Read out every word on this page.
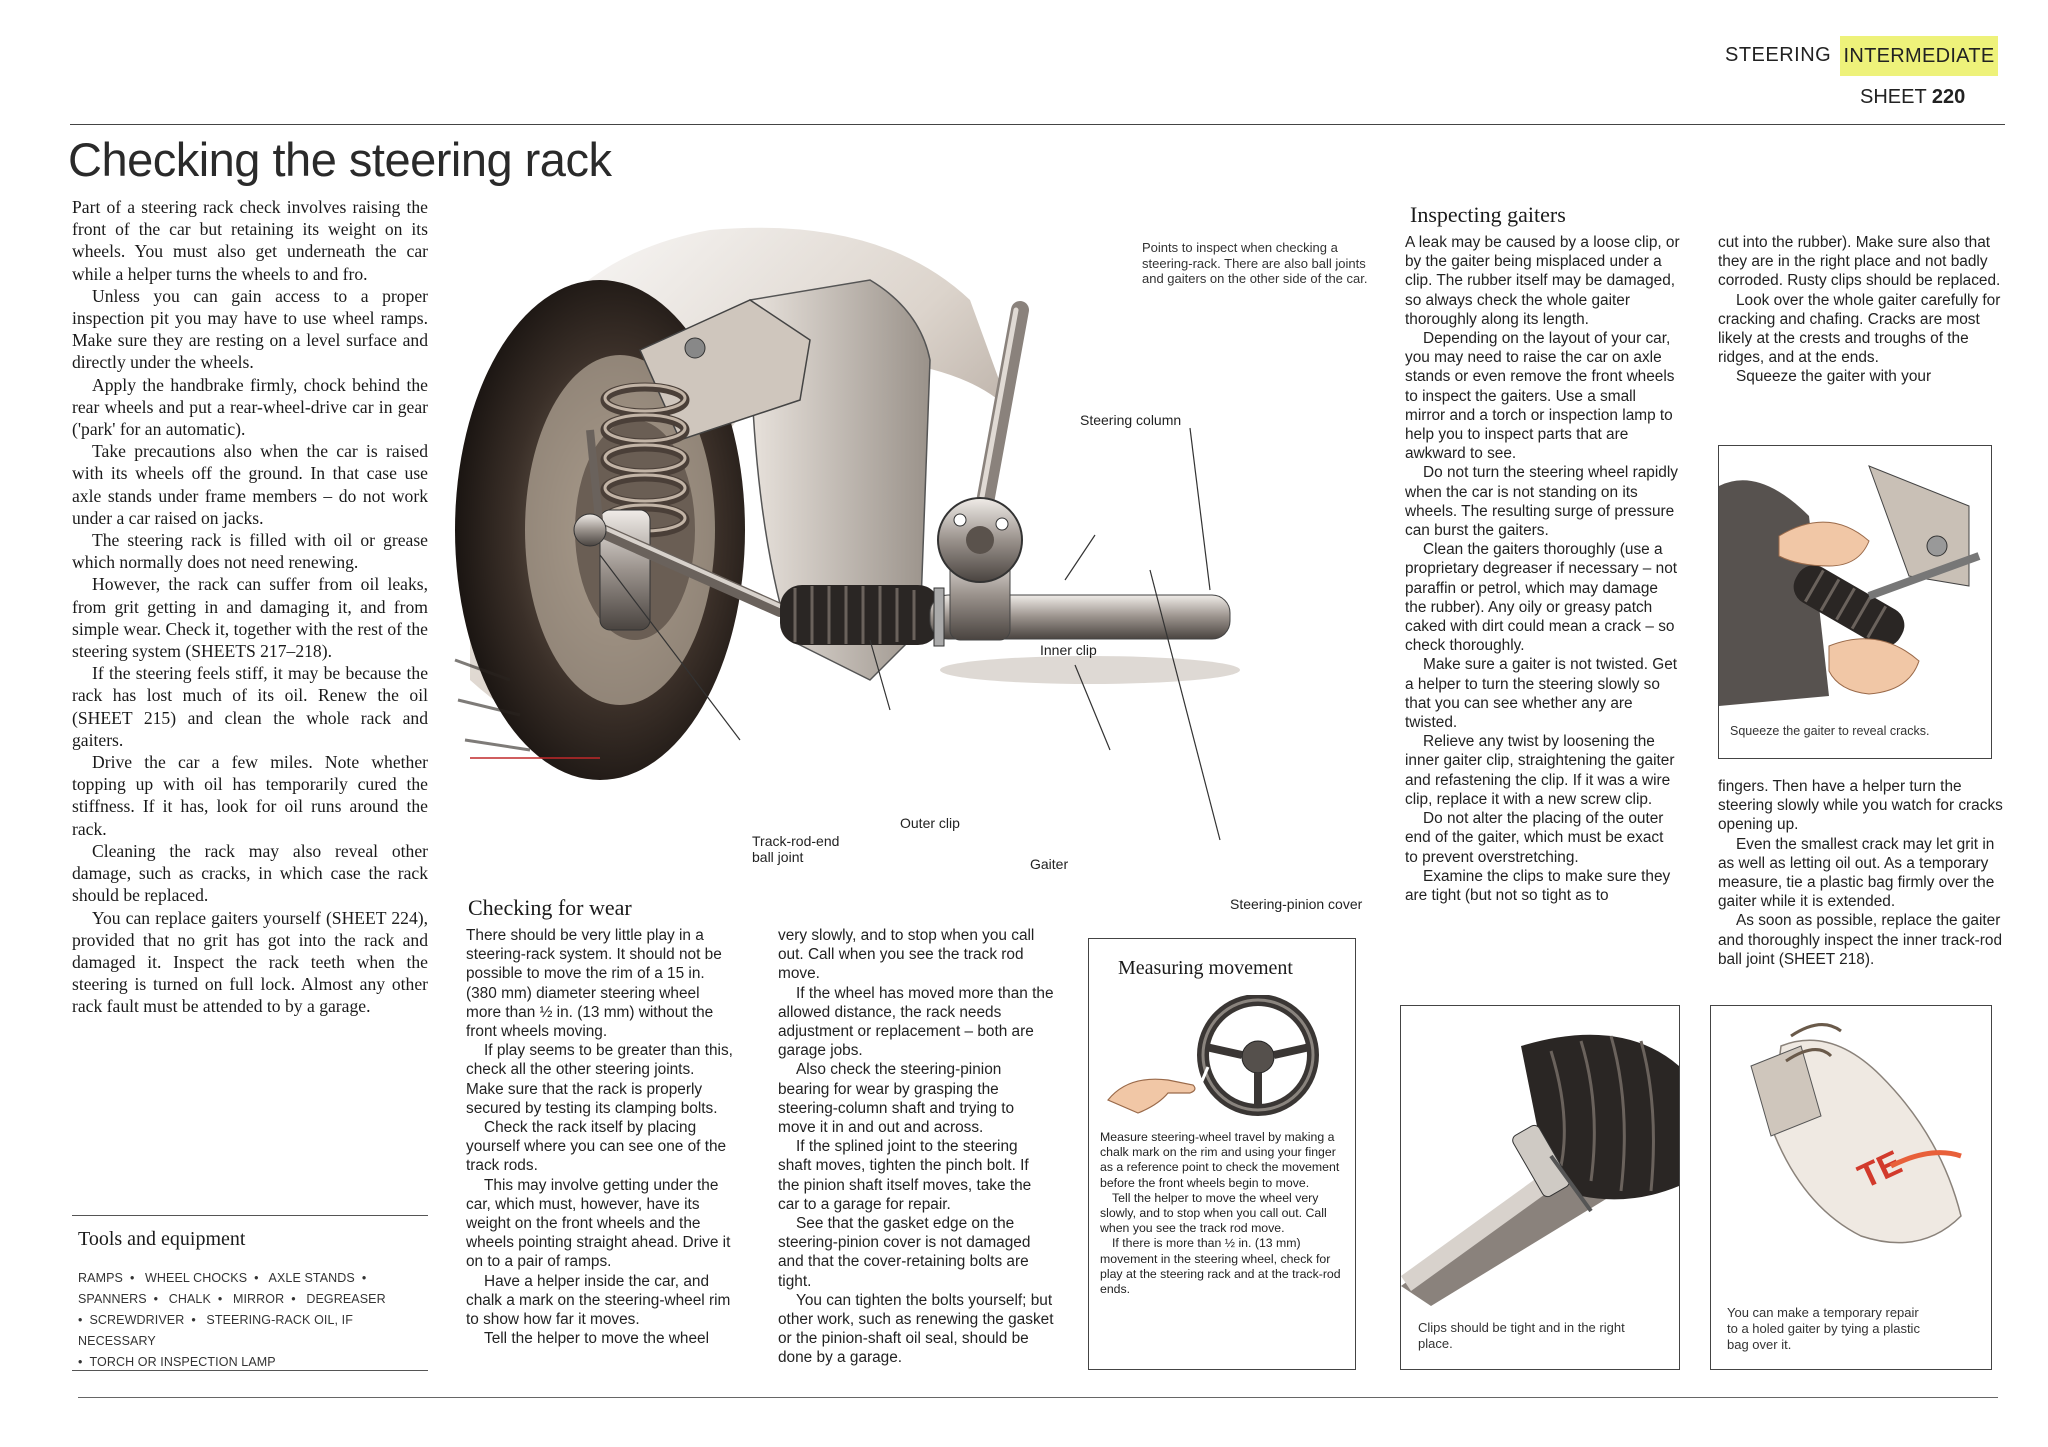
STEERING INTERMEDIATE
SHEET 220
Checking the steering rack

Part of a steering rack check involves raising the front of the car but retaining its weight on its wheels. You must also get underneath the car while a helper turns the wheels to and fro.

Unless you can gain access to a proper inspection pit you may have to use wheel ramps. Make sure they are resting on a level surface and directly under the wheels.

Apply the handbrake firmly, chock behind the rear wheels and put a rear-wheel-drive car in gear ('park' for an automatic).

Take precautions also when the car is raised with its wheels off the ground. In that case use axle stands under frame members – do not work under a car raised on jacks.

The steering rack is filled with oil or grease which normally does not need renewing.

However, the rack can suffer from oil leaks, from grit getting in and damaging it, and from simple wear. Check it, together with the rest of the steering system (SHEETS 217–218).

If the steering feels stiff, it may be because the rack has lost much of its oil. Renew the oil (SHEET 215) and clean the whole rack and gaiters.

Drive the car a few miles. Note whether topping up with oil has temporarily cured the stiffness. If it has, look for oil runs around the rack.

Cleaning the rack may also reveal other damage, such as cracks, in which case the rack should be replaced.

You can replace gaiters yourself (SHEET 224), provided that no grit has got into the rack and damaged it. Inspect the rack teeth when the steering is turned on full lock. Almost any other rack fault must be attended to by a garage.

Tools and equipment
RAMPS • WHEEL CHOCKS • AXLE STANDS •
SPANNERS • CHALK • MIRROR • DEGREASER
• SCREWDRIVER • STEERING-RACK OIL, IF NECESSARY
• TORCH OR INSPECTION LAMP
Points to inspect when checking a steering-rack. There are also ball joints and gaiters on the other side of the car.
Steering column
Inner clip
Outer clip
Track-rod-end ball joint	Gaiter
Steering-pinion cover
Checking for wear

There should be very little play in a steering-rack system. It should not be possible to move the rim of a 15 in. (380 mm) diameter steering wheel more than ½ in. (13 mm) without the front wheels moving.

If play seems to be greater than this, check all the other steering joints. Make sure that the rack is properly secured by testing its clamping bolts.

Check the rack itself by placing yourself where you can see one of the track rods.

This may involve getting under the car, which must, however, have its weight on the front wheels and the wheels pointing straight ahead. Drive it on to a pair of ramps.

Have a helper inside the car, and chalk a mark on the steering-wheel rim to show how far it moves.

Tell the helper to move the wheel

very slowly, and to stop when you call out. Call when you see the track rod move.

If the wheel has moved more than the allowed distance, the rack needs adjustment or replacement – both are garage jobs.

Also check the steering-pinion bearing for wear by grasping the steering-column shaft and trying to move it in and out and across.

If the splined joint to the steering shaft moves, tighten the pinch bolt. If the pinion shaft itself moves, take the car to a garage for repair.

See that the gasket edge on the steering-pinion cover is not damaged and that the cover-retaining bolts are tight.

You can tighten the bolts yourself; but other work, such as renewing the gasket or the pinion-shaft oil seal, should be done by a garage.

Measuring movement

Measure steering-wheel travel by making a chalk mark on the rim and using your finger as a reference point to check the movement before the front wheels begin to move.

Tell the helper to move the wheel very slowly, and to stop when you call out. Call when you see the track rod move.

If there is more than ½ in. (13 mm) movement in the steering wheel, check for play at the steering rack and at the track-rod ends.

Inspecting gaiters

A leak may be caused by a loose clip, or by the gaiter being misplaced under a clip. The rubber itself may be damaged, so always check the whole gaiter thoroughly along its length.

Depending on the layout of your car, you may need to raise the car on axle stands or even remove the front wheels to inspect the gaiters. Use a small mirror and a torch or inspection lamp to help you to inspect parts that are awkward to see.

Do not turn the steering wheel rapidly when the car is not standing on its wheels. The resulting surge of pressure can burst the gaiters.

Clean the gaiters thoroughly (use a proprietary degreaser if necessary – not paraffin or petrol, which may damage the rubber). Any oily or greasy patch caked with dirt could mean a crack – so check thoroughly.

Make sure a gaiter is not twisted. Get a helper to turn the steering slowly so that you can see whether any are twisted.

Relieve any twist by loosening the inner gaiter clip, straightening the gaiter and refastening the clip. If it was a wire clip, replace it with a new screw clip.

Do not alter the placing of the outer end of the gaiter, which must be exact to prevent overstretching.

Examine the clips to make sure they are tight (but not so tight as to

cut into the rubber). Make sure also that they are in the right place and not badly corroded. Rusty clips should be replaced.

Look over the whole gaiter carefully for cracking and chafing. Cracks are most likely at the crests and troughs of the ridges, and at the ends.

Squeeze the gaiter with your

fingers. Then have a helper turn the steering slowly while you watch for cracks opening up.

Even the smallest crack may let grit in as well as letting oil out. As a temporary measure, tie a plastic bag firmly over the gaiter while it is extended.

As soon as possible, replace the gaiter and thoroughly inspect the inner track-rod ball joint (SHEET 218).

Squeeze the gaiter to reveal cracks.
Clips should be tight and in the right place.
TE
You can make a temporary repair to a holed gaiter by tying a plastic bag over it.
